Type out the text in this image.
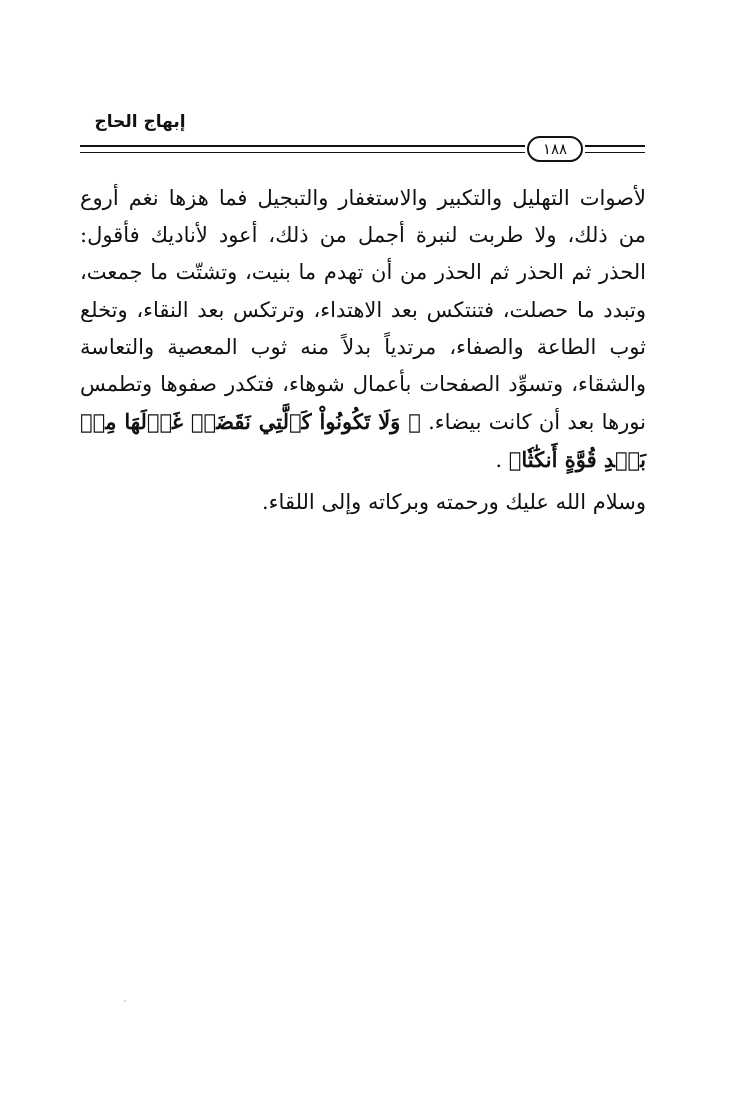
إبهاج الحاج
١٨٨

لأصوات التهليل والتكبير والاستغفار والتبجيل فما هزها نغم أروع من ذلك، ولا طربت لنبرة أجمل من ذلك، أعود لأناديك فأقول: الحذر ثم الحذر ثم الحذر من أن تهدم ما بنيت، وتشتّت ما جمعت، وتبدد ما حصلت، فتنتكس بعد الاهتداء، وترتكس بعد النقاء، وتخلع ثوب الطاعة والصفاء، مرتدياً بدلاً منه ثوب المعصية والتعاسة والشقاء، وتسوِّد الصفحات بأعمال شوهاء، فتكدر صفوها وتطمس نورها بعد أن كانت بيضاء. ﴿ وَلَا تَكُونُواْ كَٱلَّتِي نَقَضَتۡ غَزۡلَهَا مِنۢ بَعۡدِ قُوَّةٍ أَنكَٰثٗا﴾ .

وسلام الله عليك ورحمته وبركاته وإلى اللقاء.
